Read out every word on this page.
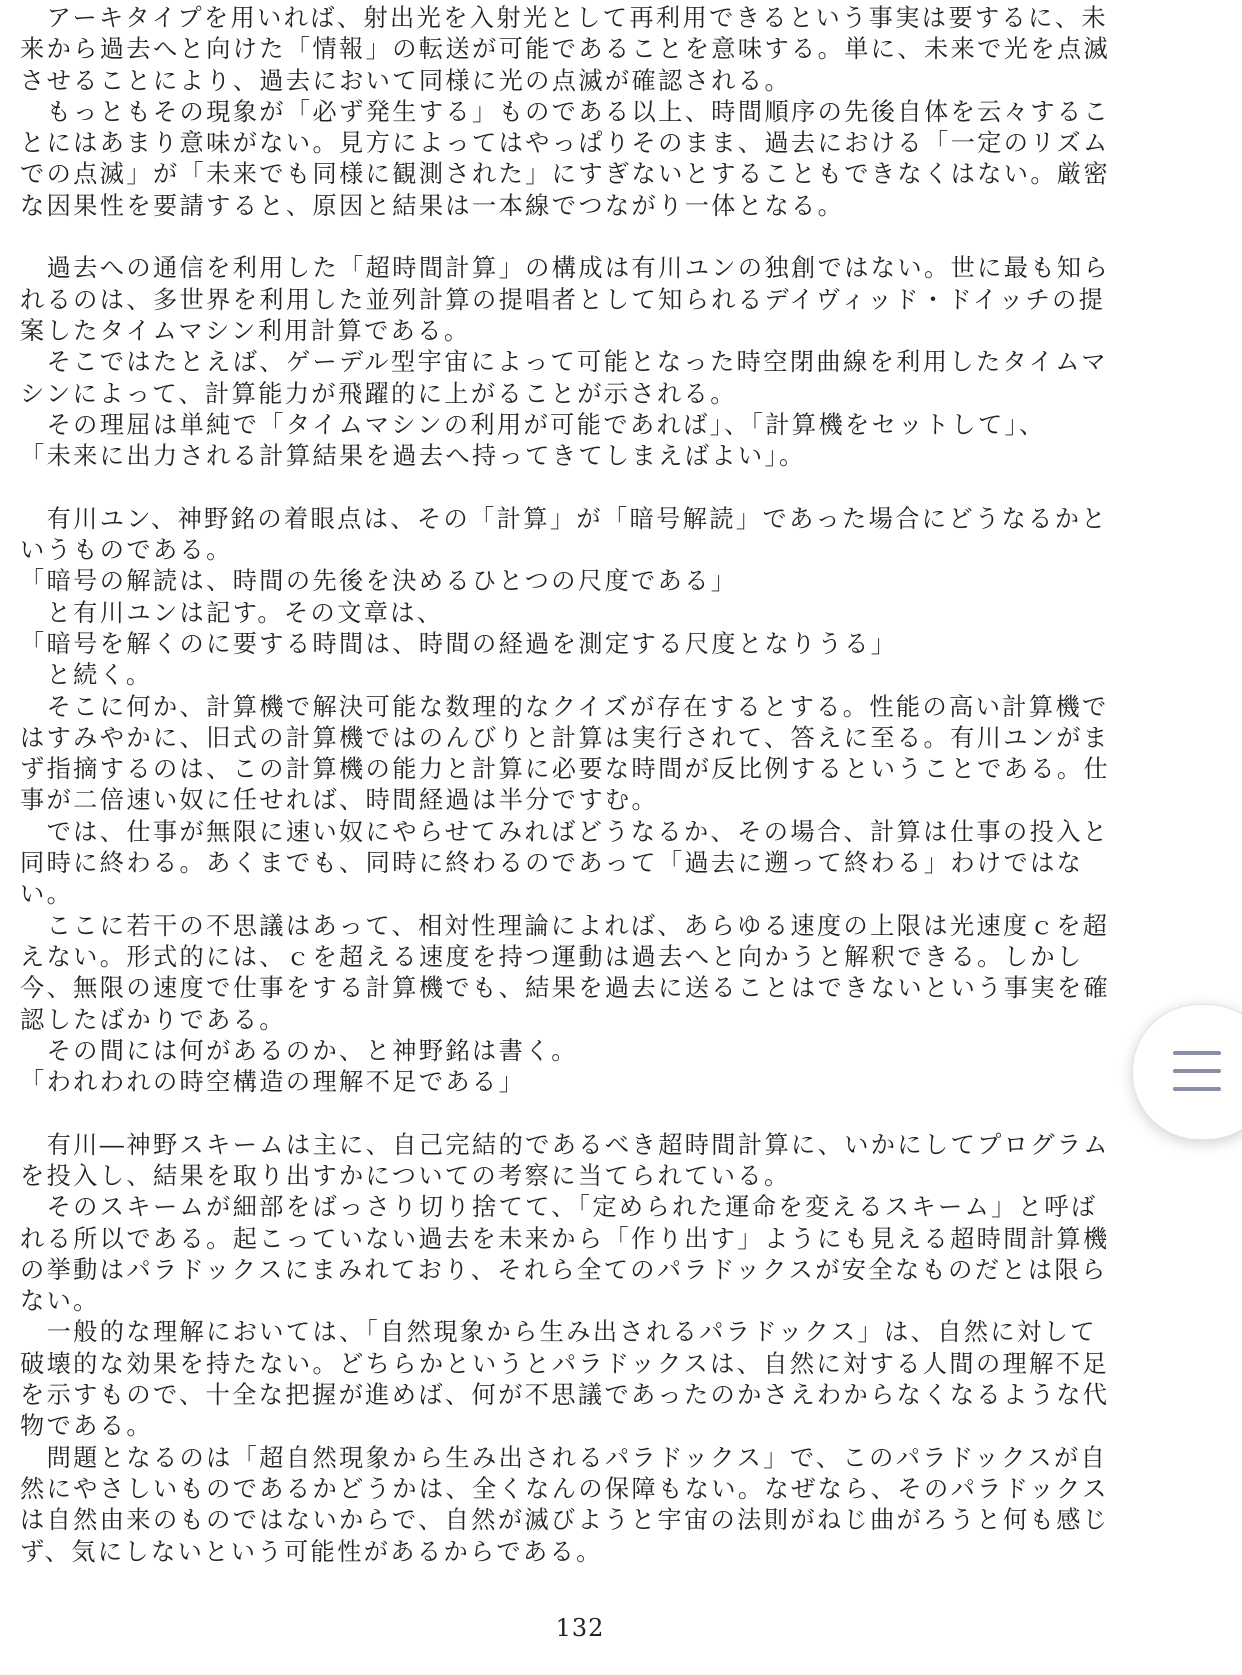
　アーキタイプを用いれば、射出光を入射光として再利用できるという事実は要するに、未
来から過去へと向けた「情報」の転送が可能であることを意味する。単に、未来で光を点滅
させることにより、過去において同様に光の点滅が確認される。
　もっともその現象が「必ず発生する」ものである以上、時間順序の先後自体を云々するこ
とにはあまり意味がない。見方によってはやっぱりそのまま、過去における「一定のリズム
での点滅」が「未来でも同様に観測された」にすぎないとすることもできなくはない。厳密
な因果性を要請すると、原因と結果は一本線でつながり一体となる。

　過去への通信を利用した「超時間計算」の構成は有川ユンの独創ではない。世に最も知ら
れるのは、多世界を利用した並列計算の提唱者として知られるデイヴィッド・ドイッチの提
案したタイムマシン利用計算である。
　そこではたとえば、ゲーデル型宇宙によって可能となった時空閉曲線を利用したタイムマ
シンによって、計算能力が飛躍的に上がることが示される。
　その理屈は単純で「タイムマシンの利用が可能であれば」、「計算機をセットして」、
「未来に出力される計算結果を過去へ持ってきてしまえばよい」。

　有川ユン、神野銘の着眼点は、その「計算」が「暗号解読」であった場合にどうなるかと
いうものである。
「暗号の解読は、時間の先後を決めるひとつの尺度である」
　と有川ユンは記す。その文章は、
「暗号を解くのに要する時間は、時間の経過を測定する尺度となりうる」
　と続く。
　そこに何か、計算機で解決可能な数理的なクイズが存在するとする。性能の高い計算機で
はすみやかに、旧式の計算機ではのんびりと計算は実行されて、答えに至る。有川ユンがま
ず指摘するのは、この計算機の能力と計算に必要な時間が反比例するということである。仕
事が二倍速い奴に任せれば、時間経過は半分ですむ。
　では、仕事が無限に速い奴にやらせてみればどうなるか、その場合、計算は仕事の投入と
同時に終わる。あくまでも、同時に終わるのであって「過去に遡って終わる」わけではな
い。
　ここに若干の不思議はあって、相対性理論によれば、あらゆる速度の上限は光速度ｃを超
えない。形式的には、ｃを超える速度を持つ運動は過去へと向かうと解釈できる。しかし
今、無限の速度で仕事をする計算機でも、結果を過去に送ることはできないという事実を確
認したばかりである。
　その間には何があるのか、と神野銘は書く。
「われわれの時空構造の理解不足である」

　有川―神野スキームは主に、自己完結的であるべき超時間計算に、いかにしてプログラム
を投入し、結果を取り出すかについての考察に当てられている。
　そのスキームが細部をばっさり切り捨てて、「定められた運命を変えるスキーム」と呼ば
れる所以である。起こっていない過去を未来から「作り出す」ようにも見える超時間計算機
の挙動はパラドックスにまみれており、それら全てのパラドックスが安全なものだとは限ら
ない。
　一般的な理解においては、「自然現象から生み出されるパラドックス」は、自然に対して
破壊的な効果を持たない。どちらかというとパラドックスは、自然に対する人間の理解不足
を示すもので、十全な把握が進めば、何が不思議であったのかさえわからなくなるような代
物である。
　問題となるのは「超自然現象から生み出されるパラドックス」で、このパラドックスが自
然にやさしいものであるかどうかは、全くなんの保障もない。なぜなら、そのパラドックス
は自然由来のものではないからで、自然が滅びようと宇宙の法則がねじ曲がろうと何も感じ
ず、気にしないという可能性があるからである。
132
